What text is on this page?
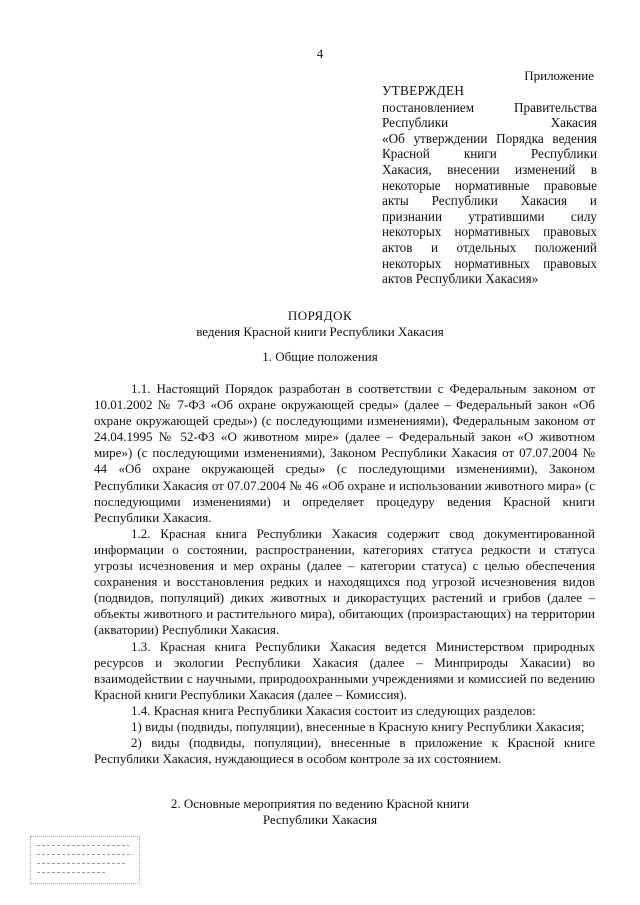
4
Приложение
УТВЕРЖДЕН
постановлением Правительства
Республики Хакасия
«Об утверждении Порядка ведения
Красной книги Республики
Хакасия, внесении изменений в
некоторые нормативные правовые
акты Республики Хакасия и
признании утратившими силу
некоторых нормативных правовых
актов и отдельных положений
некоторых нормативных правовых
актов Республики Хакасия»
ПОРЯДОК
ведения Красной книги Республики Хакасия
1. Общие положения

1.1. Настоящий Порядок разработан в соответствии с Федеральным законом от 10.01.2002 № 7-ФЗ «Об охране окружающей среды» (далее – Федеральный закон «Об охране окружающей среды») (с последующими изменениями), Федеральным законом от 24.04.1995 № 52-ФЗ «О животном мире» (далее – Федеральный закон «О животном мире») (с последующими изменениями), Законом Республики Хакасия от 07.07.2004 № 44 «Об охране окружающей среды» (с последующими изменениями), Законом Республики Хакасия от 07.07.2004 № 46 «Об охране и использовании животного мира» (с последующими изменениями) и определяет процедуру ведения Красной книги Республики Хакасия.

1.2. Красная книга Республики Хакасия содержит свод документированной информации о состоянии, распространении, категориях статуса редкости и статуса угрозы исчезновения и мер охраны (далее – категории статуса) с целью обеспечения сохранения и восстановления редких и находящихся под угрозой исчезновения видов (подвидов, популяций) диких животных и дикорастущих растений и грибов (далее – объекты животного и растительного мира), обитающих (произрастающих) на территории (акватории) Республики Хакасия.

1.3. Красная книга Республики Хакасия ведется Министерством природных ресурсов и экологии Республики Хакасия (далее – Минприроды Хакасии) во взаимодействии с научными, природоохранными учреждениями и комиссией по ведению Красной книги Республики Хакасия (далее – Комиссия).

1.4. Красная книга Республики Хакасия состоит из следующих разделов:

1) виды (подвиды, популяции), внесенные в Красную книгу Республики Хакасия;

2) виды (подвиды, популяции), внесенные в приложение к Красной книге Республики Хакасия, нуждающиеся в особом контроле за их состоянием.

2. Основные мероприятия по ведению Красной книги
Республики Хакасия
